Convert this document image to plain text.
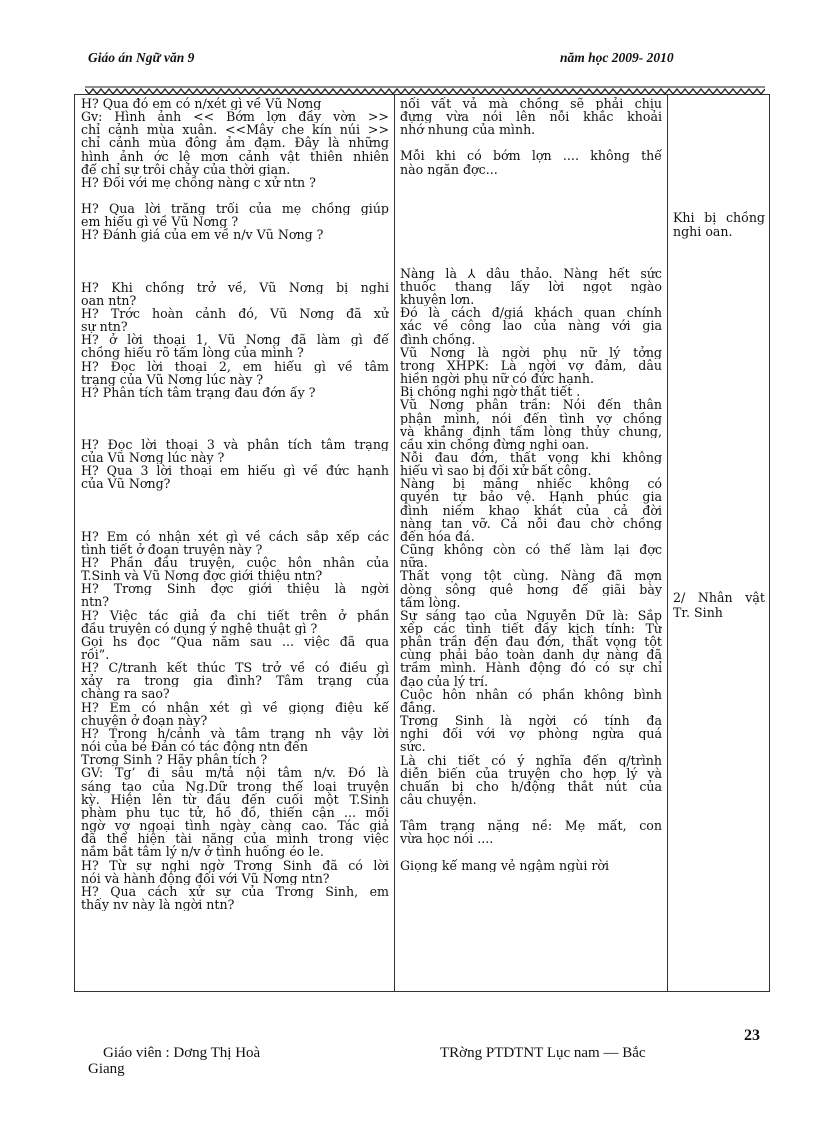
Giáo án Ngữ văn 9	năm học 2009- 2010
H? Qua đó em có n/xét gì về Vũ Nơng
Gv: Hình ảnh << Bớm lợn đầy vờn >>
chỉ cảnh mùa xuân. <<Mây che kín núi >>
chỉ cảnh mùa đông ảm đạm. Đây là những
hình ảnh ớc lệ mơn cảnh vật thiên nhiên
để chỉ sự trôi chảy của thời gian.
H? Đối với mẹ chồng nàng c xử ntn ?
H? Qua lời trăng trối của mẹ chồng giúp
em hiểu gì về Vũ Nơng ?
H? Đánh giá của em về n/v Vũ Nơng ?
H? Khi chồng trở về, Vũ Nơng bị nghi
oan ntn?
H? Trớc hoàn cảnh đó, Vũ Nơng đã xử
sự ntn?
H? ở lời thoại 1, Vũ Nơng đã làm gì để
chồng hiểu rõ tấm lòng của mình ?
H? Đọc lời thoại 2, em hiểu gì về tâm
trạng của Vũ Nơng lúc này ?
H? Phân tích tâm trạng đau đớn ấy ?
H? Đọc lời thoại 3 và phân tích tâm trạng
của Vũ Nơng lúc này ?
H? Qua 3 lời thoại em hiểu gì về đức hạnh
của Vũ Nơng?
H? Em có nhận xét gì về cách sắp xếp các
tình tiết ở đoạn truyện này ?
H? Phần đầu truyện, cuộc hôn nhân của
T.Sinh và Vũ Nơng đợc giới thiệu ntn?
H? Trơng Sinh đợc giới thiệu là ngời
ntn?
H? Việc tác giả đa chi tiết trên ở phần
đầu truyện có dụng ý nghệ thuật gì ?
Gọi hs đọc “Qua năm sau ... việc đã qua
rồi”.
H? C/tranh kết thúc TS trở về có điều gì
xảy ra trong gia đình? Tâm trạng của
chàng ra sao?
H? Em có nhận xét gì về giọng điệu kể
chuyện ở đoạn này?
H? Trong h/cảnh và tâm trạng nh vậy lời
nói của bé Đản có tác động ntn đến
Trơng Sinh ? Hãy phân tích ?
GV: Tg’ đi sâu m/tả nội tâm n/v. Đó là
sáng tạo của Ng.Dữ trong thể loại truyện
kỳ. Hiện lên từ đầu đến cuối một T.Sinh
phàm phu tục tử, hồ đồ, thiển cận ... mối
ngờ vợ ngoại tình ngày càng cao. Tác giả
đã thể hiện tài năng của mình trong việc
nắm bắt tâm lý n/v ở tình huống éo le.
H? Từ sự nghi ngờ Trơng Sinh đã có lời
nói và hành động đối với Vũ Nơng ntn?
H? Qua cách xử sự của Trơng Sinh, em
thấy nv này là ngời ntn?
nối vất vả mà chồng sẽ phải chịu
đựng vừa nói lên nỗi khắc khoải
nhớ nhung của mình.
Mỗi khi có bớm lợn .... không thể
nào ngăn đợc...
Nàng là ⅄ dâu thảo. Nàng hết sức
thuốc thang lấy lời ngọt ngào
khuyên lơn.
Đó là cách đ/giá khách quan chính
xác về công lao của nàng với gia
đình chồng.
Vũ Nơng là ngời phụ nữ lý tởng
trong XHPK: Là ngời vợ đảm, dâu
hiền ngời phụ nữ có đức hạnh.
Bị chồng nghi ngờ thất tiết .
Vũ Nơng phân trần: Nói đến thân
phận mình, nói đến tình vợ chồng
và khẳng định tấm lòng thủy chung,
cầu xin chồng đừng nghi oan.
Nỗi đau đớn, thất vọng khi không
hiểu vì sao bị đối xử bất công.
Nàng bị mắng nhiếc không có
quyền tự bảo vệ. Hạnh phúc gia
đình niềm khao khát của cả đời
nàng tan vỡ. Cả nỗi đau chờ chồng
đến hóa đá.
Cũng không còn có thể làm lại đợc
nữa.
Thất vọng tột cùng. Nàng đã mợn
dòng sông quê hơng để giãi bày
tấm lòng.
Sự sáng tạo của Nguyễn Dữ là: Sắp
xếp các tình tiết đầy kịch tính: Từ
phân trần đến đau đớn, thất vọng tột
cùng phải bảo toàn danh dự nàng đã
trầm mình. Hành động đó có sự chỉ
đạo của lý trí.
Cuộc hôn nhân có phần không bình
đẳng.
Trơng Sinh là ngời có tính đa
nghi đối với vợ phòng ngừa quá
sức.
Là chi tiết có ý nghĩa đến q/trình
diễn biến của truyện cho hợp lý và
chuẩn bị cho h/động thắt nút của
câu chuyện.
Tâm trạng nặng nề: Mẹ mất, con
vừa học nói ....
Giọng kể mang vẻ ngậm ngùi rời
Khi bị chồng nghi oan.
2/ Nhân vật Tr. Sinh
23
Giáo viên : Dơng Thị Hoà	TRờng PTDTNT Lục nam — Bắc
Giang
